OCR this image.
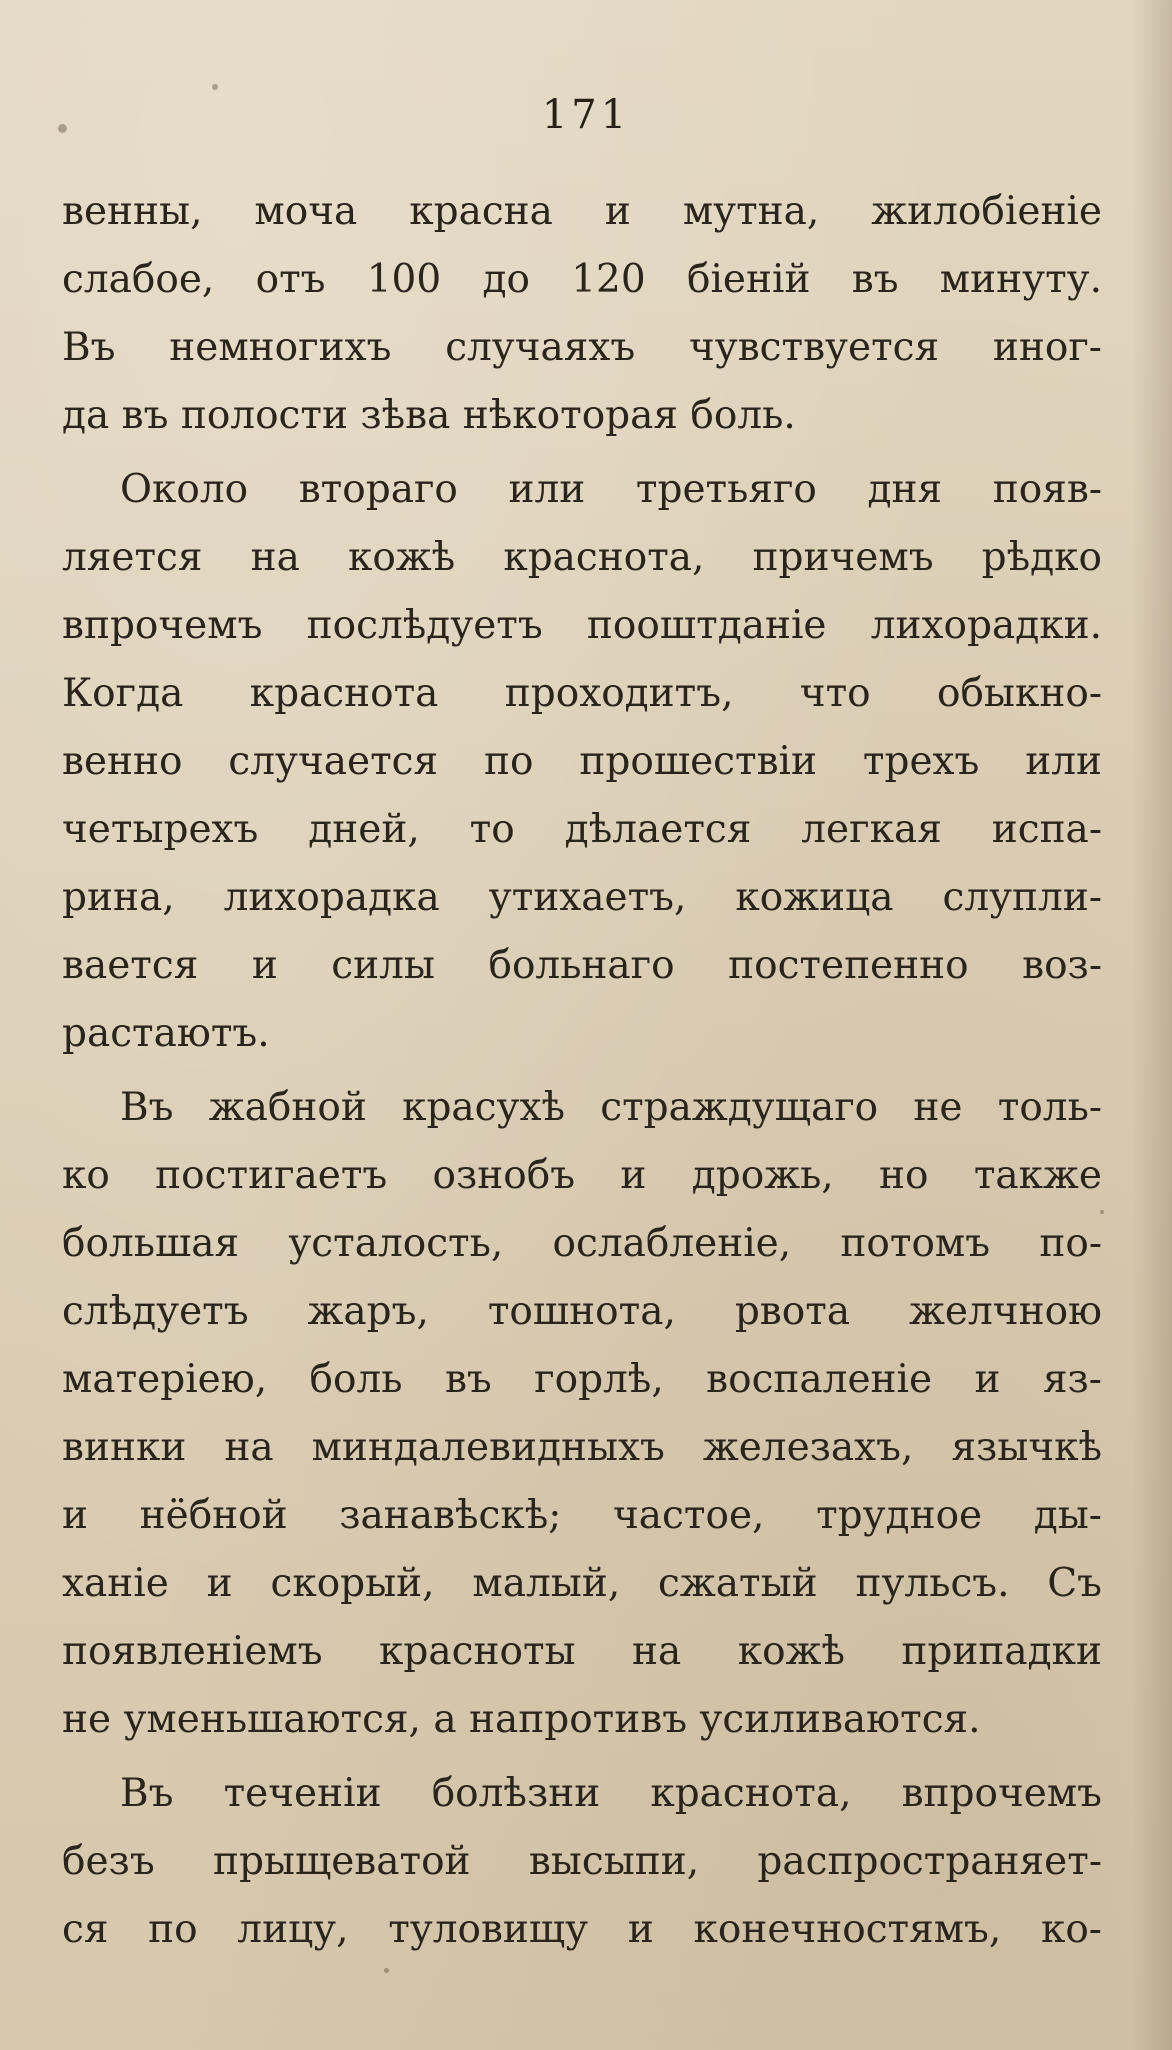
171
венны, моча красна и мутна, жилобiенie
слабое, отъ 100 до 120 бiенiй въ минуту.
Въ немногихъ случаяхъ чувствуется иног-
да въ полости зѣва нѣкоторая боль.
Около втораго или третьяго дня появ-
ляется на кожѣ краснота, причемъ рѣдко
впрочемъ послѣдуетъ пооштданie лихорадки.
Когда краснота проходитъ, что обыкно-
венно случается по прошествiи трехъ или
четырехъ дней, то дѣлается легкая испа-
рина, лихорадка утихаетъ, кожица слупли-
вается и силы больнаго постепенно воз-
растаютъ.
Въ жабной красухѣ страждущаго не толь-
ко постигаетъ ознобъ и дрожь, но также
большая усталость, ослабленie, потомъ по-
слѣдуетъ жаръ, тошнота, рвота желчною
матерiею, боль въ горлѣ, воспаленie и яз-
винки на миндалевидныхъ железахъ, язычкѣ
и нёбной занавѣскѣ; частое, трудное ды-
ханie и скорый, малый, сжатый пульсъ. Съ
появленiемъ красноты на кожѣ припадки
не уменьшаются, а напротивъ усиливаются.
Въ теченiи болѣзни краснота, впрочемъ
безъ прыщеватой высыпи, распространяет-
ся по лицу, туловищу и конечностямъ, ко-
